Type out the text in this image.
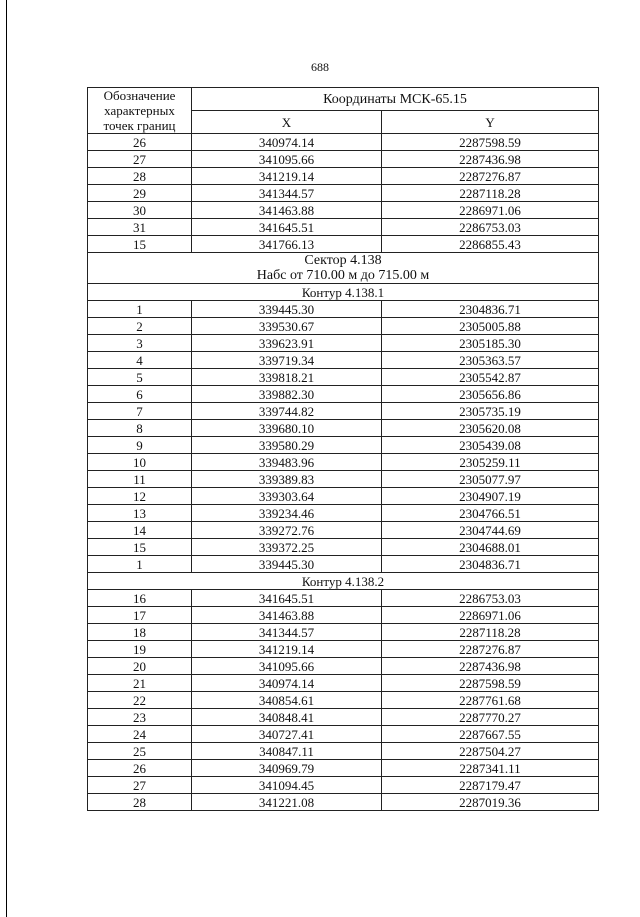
688
Обозначение
характерных
точек границ	Координаты МСК-65.15	
	X	Y
26	340974.14	2287598.59
27	341095.66	2287436.98
28	341219.14	2287276.87
29	341344.57	2287118.28
30	341463.88	2286971.06
31	341645.51	2286753.03
15	341766.13	2286855.43

Сектор 4.138
Набс от 710.00 м до 715.00 м		

Контур 4.138.1		
1	339445.30	2304836.71
2	339530.67	2305005.88
3	339623.91	2305185.30
4	339719.34	2305363.57
5	339818.21	2305542.87
6	339882.30	2305656.86
7	339744.82	2305735.19
8	339680.10	2305620.08
9	339580.29	2305439.08
10	339483.96	2305259.11
11	339389.83	2305077.97
12	339303.64	2304907.19
13	339234.46	2304766.51
14	339272.76	2304744.69
15	339372.25	2304688.01
1	339445.30	2304836.71
Контур 4.138.2		
16	341645.51	2286753.03
17	341463.88	2286971.06
18	341344.57	2287118.28
19	341219.14	2287276.87
20	341095.66	2287436.98
21	340974.14	2287598.59
22	340854.61	2287761.68
23	340848.41	2287770.27
24	340727.41	2287667.55
25	340847.11	2287504.27
26	340969.79	2287341.11
27	341094.45	2287179.47
28	341221.08	2287019.36
